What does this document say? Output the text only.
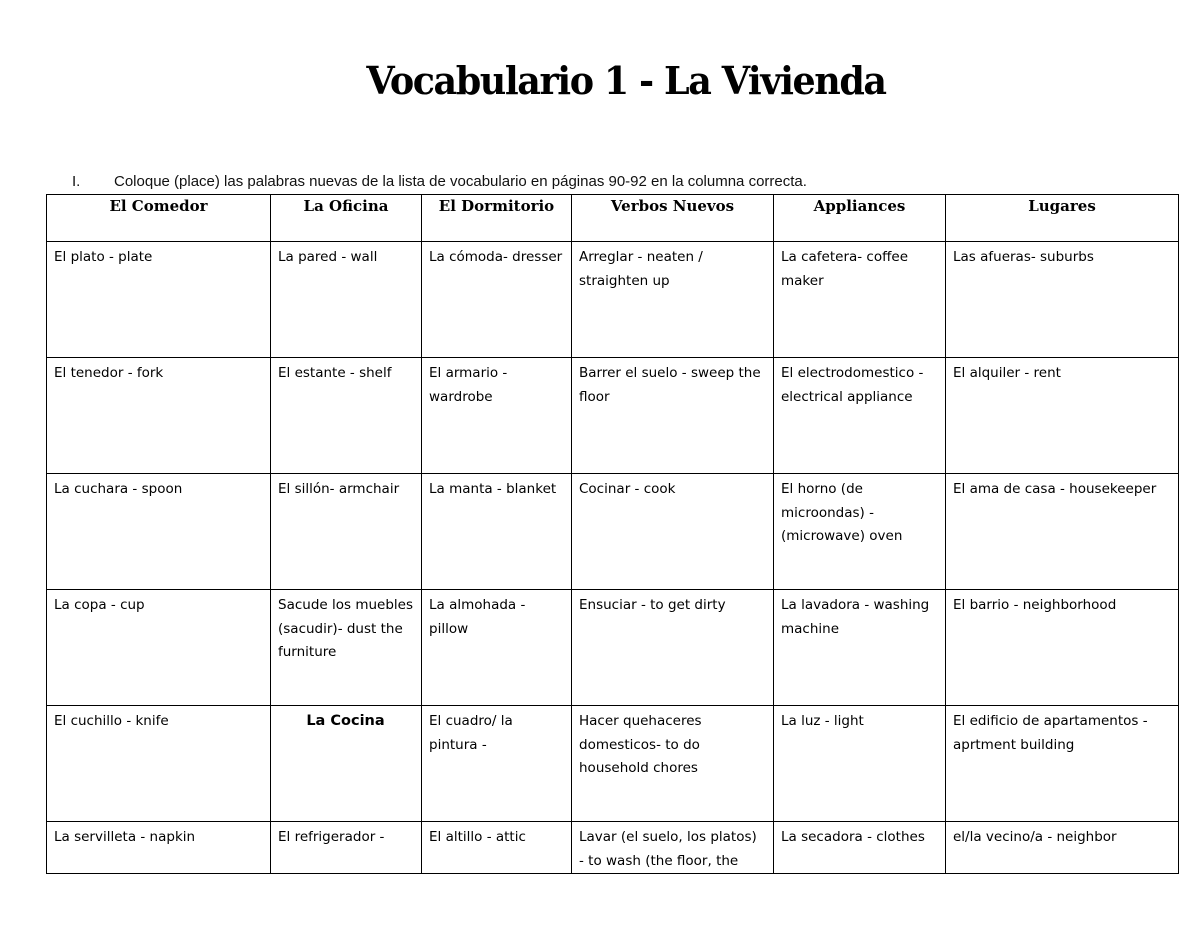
Vocabulario 1 - La Vivienda
I. Coloque (place) las palabras nuevas de la lista de vocabulario en páginas 90-92 en la columna correcta.
El Comedor	La Oficina	El Dormitorio	Verbos Nuevos	Appliances	Lugares
El plato - plate	La pared - wall	La cómoda- dresser	Arreglar - neaten / straighten up	La cafetera- coffee maker	Las afueras- suburbs
El tenedor - fork	El estante - shelf	El armario - wardrobe	Barrer el suelo - sweep the floor	El electrodomestico - electrical appliance	El alquiler - rent
La cuchara - spoon	El sillón- armchair	La manta - blanket	Cocinar - cook	El horno (de microondas) - (microwave) oven	El ama de casa - housekeeper
La copa - cup	Sacude los muebles (sacudir)- dust the furniture	La almohada - pillow	Ensuciar - to get dirty	La lavadora - washing machine	El barrio - neighborhood
El cuchillo - knife	La Cocina	El cuadro/ la pintura -	Hacer quehaceres domesticos- to do household chores	La luz - light	El edificio de apartamentos - aprtment building
La servilleta - napkin	El refrigerador -	El altillo - attic	Lavar (el suelo, los platos) - to wash (the floor, the	La secadora - clothes	el/la vecino/a - neighbor
